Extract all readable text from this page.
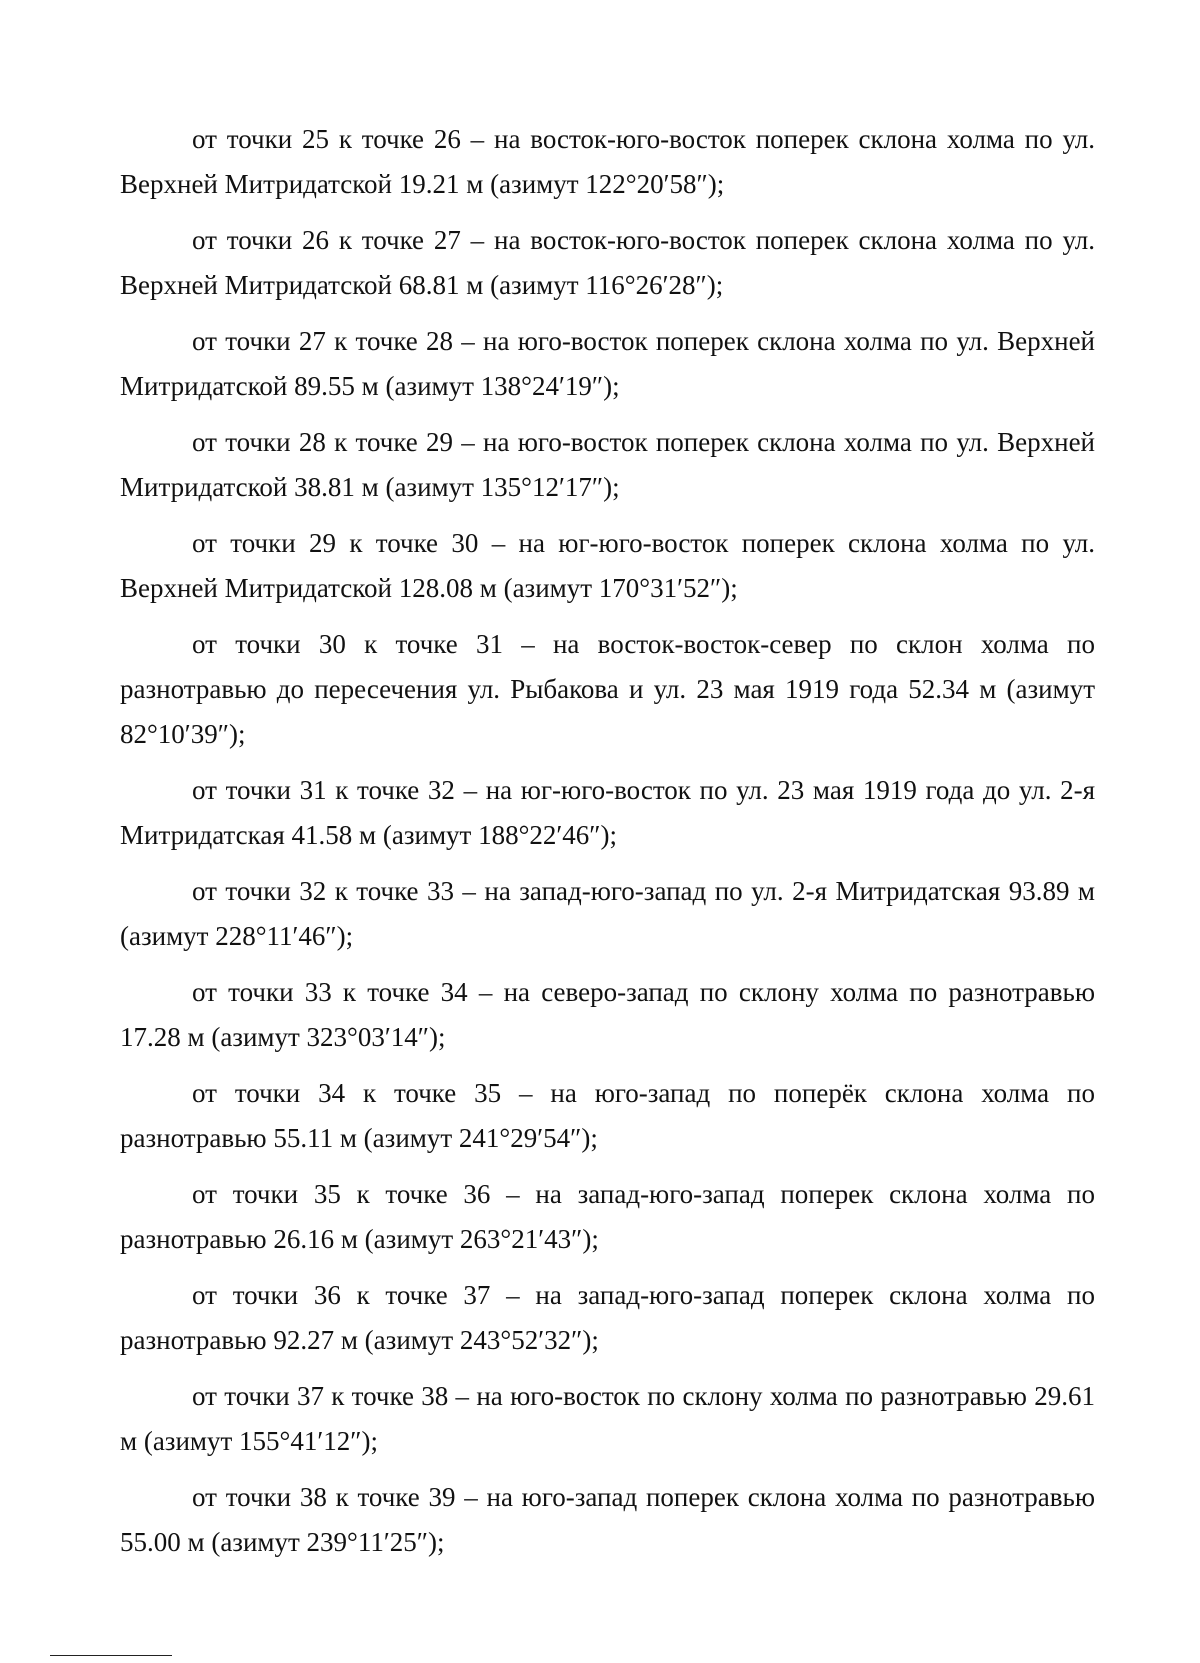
от точки 25 к точке 26 – на восток-юго-восток поперек склона холма по ул. Верхней Митридатской 19.21 м (азимут 122°20′58″);

от точки 26 к точке 27 – на восток-юго-восток поперек склона холма по ул. Верхней Митридатской 68.81 м (азимут 116°26′28″);

от точки 27 к точке 28 – на юго-восток поперек склона холма по ул. Верхней Митридатской 89.55 м (азимут 138°24′19″);

от точки 28 к точке 29 – на юго-восток поперек склона холма по ул. Верхней Митридатской 38.81 м (азимут 135°12′17″);

от точки 29 к точке 30 – на юг-юго-восток поперек склона холма по ул. Верхней Митридатской 128.08 м (азимут 170°31′52″);

от точки 30 к точке 31 – на восток-восток-север по склон холма по разнотравью до пересечения ул. Рыбакова и ул. 23 мая 1919 года 52.34 м (азимут 82°10′39″);

от точки 31 к точке 32 – на юг-юго-восток по ул. 23 мая 1919 года до ул. 2-я Митридатская 41.58 м (азимут 188°22′46″);

от точки 32 к точке 33 – на запад-юго-запад по ул. 2-я Митридатская 93.89 м (азимут 228°11′46″);

от точки 33 к точке 34 – на северо-запад по склону холма по разнотравью 17.28 м (азимут 323°03′14″);

от точки 34 к точке 35 – на юго-запад по поперёк склона холма по разнотравью 55.11 м (азимут 241°29′54″);

от точки 35 к точке 36 – на запад-юго-запад поперек склона холма по разнотравью 26.16 м (азимут 263°21′43″);

от точки 36 к точке 37 – на запад-юго-запад поперек склона холма по разнотравью 92.27 м (азимут 243°52′32″);

от точки 37 к точке 38 – на юго-восток по склону холма по разнотравью 29.61 м (азимут 155°41′12″);

от точки 38 к точке 39 – на юго-запад поперек склона холма по разнотравью 55.00 м (азимут 239°11′25″);
